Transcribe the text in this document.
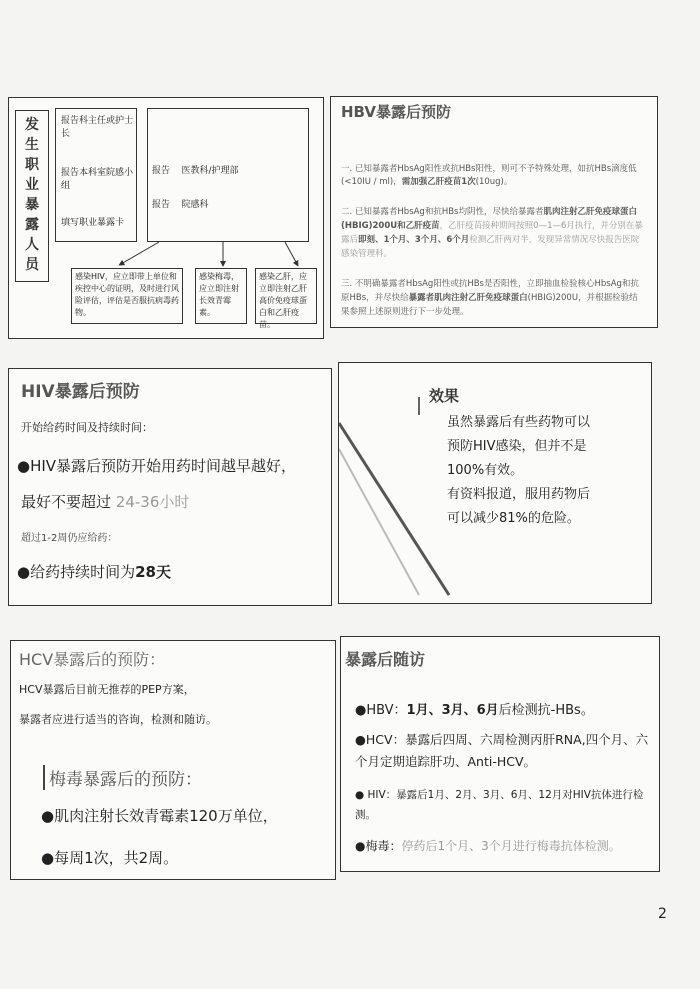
发
生
职
业
暴
露
人
员
报告科主任或护士长
报告本科室院感小组
填写职业暴露卡
报告 医教科/护理部
报告 院感科
感染HIV，应立即带上单位和疾控中心的证明，及时进行风险评估，评估是否服抗病毒药物。
感染梅毒，应立即注射长效青霉素。
感染乙肝，应立即注射乙肝高价免疫球蛋白和乙肝疫苗。
HBV暴露后预防
一. 已知暴露者HbsAg阳性或抗HBs阳性，则可不予特殊处理，如抗HBs滴度低(<10IU / ml)，需加强乙肝疫苗1次(10ug)。
二. 已知暴露者HbsAg和抗HBs均阴性，尽快给暴露者肌肉注射乙肝免疫球蛋白(HBIG)200U和乙肝疫苗，乙肝疫苗接种期间按照0—1—6月执行，并分别在暴露后即刻、1个月、3个月、6个月检测乙肝两对半，发现异常情况尽快报告医院感染管理科。
三. 不明确暴露者HbsAg阳性或抗HBs是否阳性，立即抽血检验核心HbsAg和抗原HBs，并尽快给暴露者肌肉注射乙肝免疫球蛋白(HBIG)200U，并根据检验结果参照上述原则进行下一步处理。
HIV暴露后预防
开始给药时间及持续时间：
●HIV暴露后预防开始用药时间越早越好，
最好不要超过 24-36小时
超过1-2周仍应给药：
●给药持续时间为28天
效果
虽然暴露后有些药物可以
预防HIV感染，但并不是
100%有效。
有资料报道，服用药物后
可以减少81%的危险。
HCV暴露后的预防：
HCV暴露后目前无推荐的PEP方案，
暴露者应进行适当的咨询，检测和随访。
梅毒暴露后的预防：
●肌肉注射长效青霉素120万单位，
●每周1次，共2周。
暴露后随访
●HBV：1月、3月、6月后检测抗-HBs。
●HCV：暴露后四周、六周检测丙肝RNA,四个月、六个月定期追踪肝功、Anti-HCV。
● HIV：暴露后1月、2月、3月、6月、12月对HIV抗体进行检测。
●梅毒：停药后1个月、3个月进行梅毒抗体检测。
2
